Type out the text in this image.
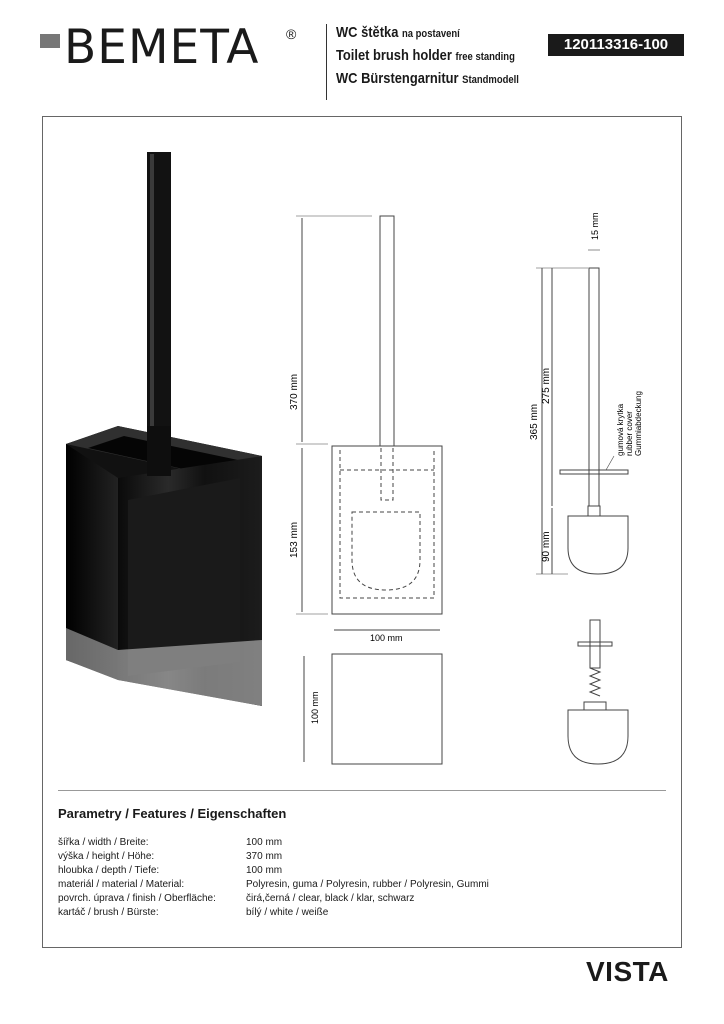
BEMETA ®	WC štětka na postavení
Toilet brush holder free standing
WC Bürstengarnitur Standmodell
120113316-100
370 mm
153 mm
100 mm
100 mm
15 mm
275 mm
365 mm
90 mm
gumová krytka rubber cover Gummiabdeckung
Parametry / Features / Eigenschaften
šířka / width / Breite:	100 mm
výška / height / Höhe:	370 mm
hloubka / depth / Tiefe:	100 mm
materiál / material / Material:	Polyresin, guma / Polyresin, rubber / Polyresin, Gummi
povrch. úprava / finish / Oberfläche:	čirá,černá / clear, black / klar, schwarz
kartáč / brush / Bürste:	bílý / white / weiße
VISTA
